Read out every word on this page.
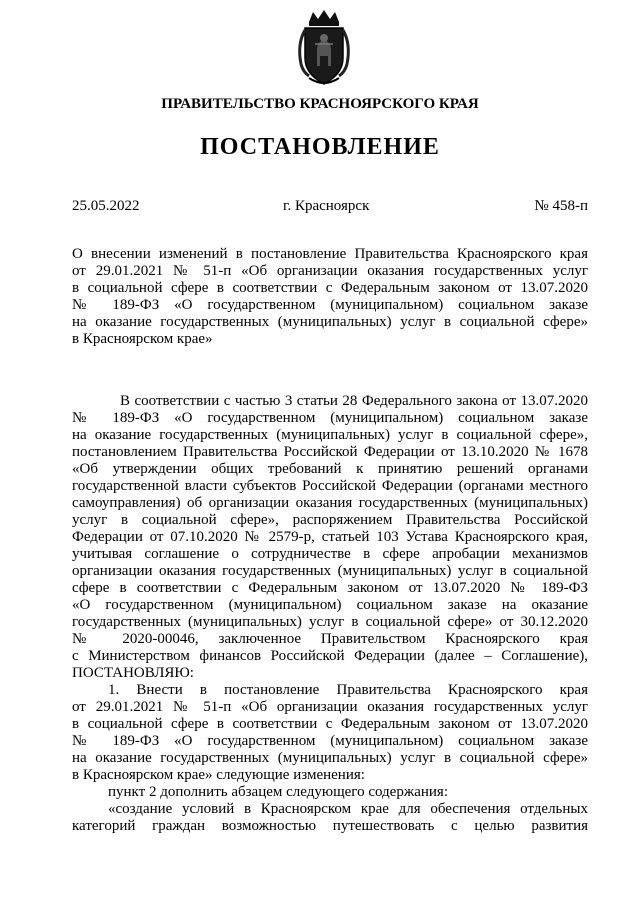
ПРАВИТЕЛЬСТВО КРАСНОЯРСКОГО КРАЯ
ПОСТАНОВЛЕНИЕ
25.05.2022	г. Красноярск	№ 458-п
О внесении изменений в постановление Правительства Красноярского края
от 29.01.2021 № 51-п «Об организации оказания государственных услуг
в социальной сфере в соответствии с Федеральным законом от 13.07.2020
№ 189-ФЗ «О государственном (муниципальном) социальном заказе
на оказание государственных (муниципальных) услуг в социальной сфере»
в Красноярском крае»
В соответствии с частью 3 статьи 28 Федерального закона от 13.07.2020
№ 189-ФЗ «О государственном (муниципальном) социальном заказе
на оказание государственных (муниципальных) услуг в социальной сфере»,
постановлением Правительства Российской Федерации от 13.10.2020 № 1678
«Об утверждении общих требований к принятию решений органами
государственной власти субъектов Российской Федерации (органами местного
самоуправления) об организации оказания государственных (муниципальных)
услуг в социальной сфере», распоряжением Правительства Российской
Федерации от 07.10.2020 № 2579-р, статьей 103 Устава Красноярского края,
учитывая соглашение о сотрудничестве в сфере апробации механизмов
организации оказания государственных (муниципальных) услуг в социальной
сфере в соответствии с Федеральным законом от 13.07.2020 № 189-ФЗ
«О государственном (муниципальном) социальном заказе на оказание
государственных (муниципальных) услуг в социальной сфере» от 30.12.2020
№ 2020-00046, заключенное Правительством Красноярского края
с Министерством финансов Российской Федерации (далее – Соглашение),
ПОСТАНОВЛЯЮ:
1. Внести в постановление Правительства Красноярского края
от 29.01.2021 № 51-п «Об организации оказания государственных услуг
в социальной сфере в соответствии с Федеральным законом от 13.07.2020
№ 189-ФЗ «О государственном (муниципальном) социальном заказе
на оказание государственных (муниципальных) услуг в социальной сфере»
в Красноярском крае» следующие изменения:
пункт 2 дополнить абзацем следующего содержания:
«создание условий в Красноярском крае для обеспечения отдельных
категорий граждан возможностью путешествовать с целью развития
